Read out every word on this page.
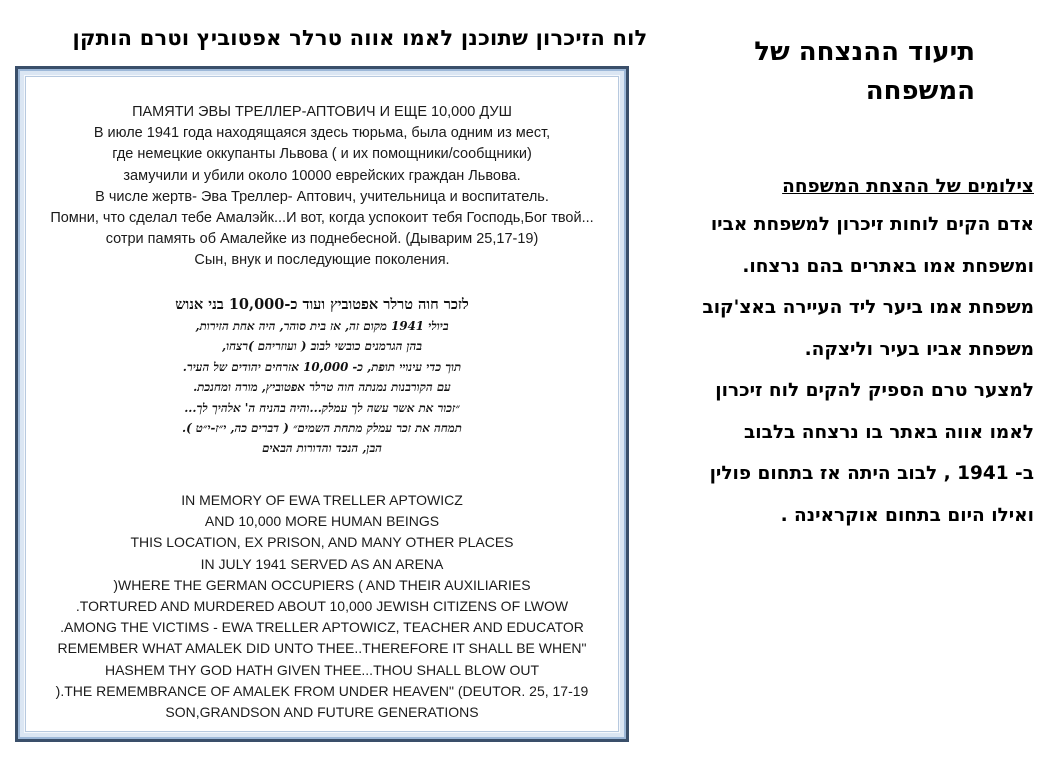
לוח הזיכרון שתוכנן לאמו אווה טרלר אפטוביץ וטרם הותקן
ПАМЯТИ ЭВЫ ТРЕЛЛЕР-АПТОВИЧ И ЕЩЕ 10,000 ДУШ
В июле 1941 года находящаяся здесь тюрьма, была одним из мест,
где немецкие оккупанты Львова ( и их помощники/сообщники)
замучили и убили около 10000 еврейских граждан Львова.
В числе жертв- Эва Треллер- Аптович, учительница и воспитатель.
Помни, что сделал тебе Амалэйк...И вот, когда успокоит тебя Господь,Бог твой...
сотри память об Амалейке из поднебесной. (Дыварим 25,17-19)
Сын, внук и последующие поколения.
לזכר חוה טרלר אפטוביץ ועוד כ-10,000 בני אנוש
ביולי 1941 מקום זה, אז בית סוהר, היה אחת הזירות,
בהן הגרמנים כובשי לבוב ( ועוזריהם )רצחו,
תוך כדי עינויי תופת, כ- 10,000 אזרחים יהודים של העיר.
עם הקורבנות נמנתה חוה טרלר אפטוביץ, מורה ומחנכת.
״זכור את אשר עשה לך עמלק...והיה בהניח ה' אלהיך לך...
תמחה את זכר עמלק מתחת השמים״ ( דברים כה, י״ז-י״ט ).
הבן, הנכד והדורות הבאים
IN MEMORY OF EWA TRELLER APTOWICZ
AND 10,000 MORE HUMAN BEINGS
THIS LOCATION, EX PRISON, AND MANY OTHER PLACES
IN JULY 1941 SERVED AS AN ARENA
)WHERE THE GERMAN OCCUPIERS ( AND THEIR AUXILIARIES
.TORTURED AND MURDERED ABOUT 10,000 JEWISH CITIZENS OF LWOW
.AMONG THE VICTIMS - EWA TRELLER APTOWICZ, TEACHER AND EDUCATOR
REMEMBER WHAT AMALEK DID UNTO THEE..THEREFORE IT SHALL BE WHEN"
HASHEM THY GOD HATH GIVEN THEE...THOU SHALL BLOW OUT
).THE REMEMBRANCE OF AMALEK FROM UNDER HEAVEN" (DEUTOR. 25, 17-19
SON,GRANDSON AND FUTURE GENERATIONS
תיעוד ההנצחה של
המשפחה
צילומים של ההצחת המשפחה
אדם הקים לוחות זיכרון למשפחת אביו
ומשפחת אמו באתרים בהם נרצחו.
משפחת אמו ביער ליד העיירה באצ'קוב
משפחת אביו בעיר וליצקה.
למצער טרם הספיק להקים לוח זיכרון
לאמו אווה באתר בו נרצחה בלבוב
ב- 1941 , לבוב היתה אז בתחום פולין
ואילו היום בתחום אוקראינה .
